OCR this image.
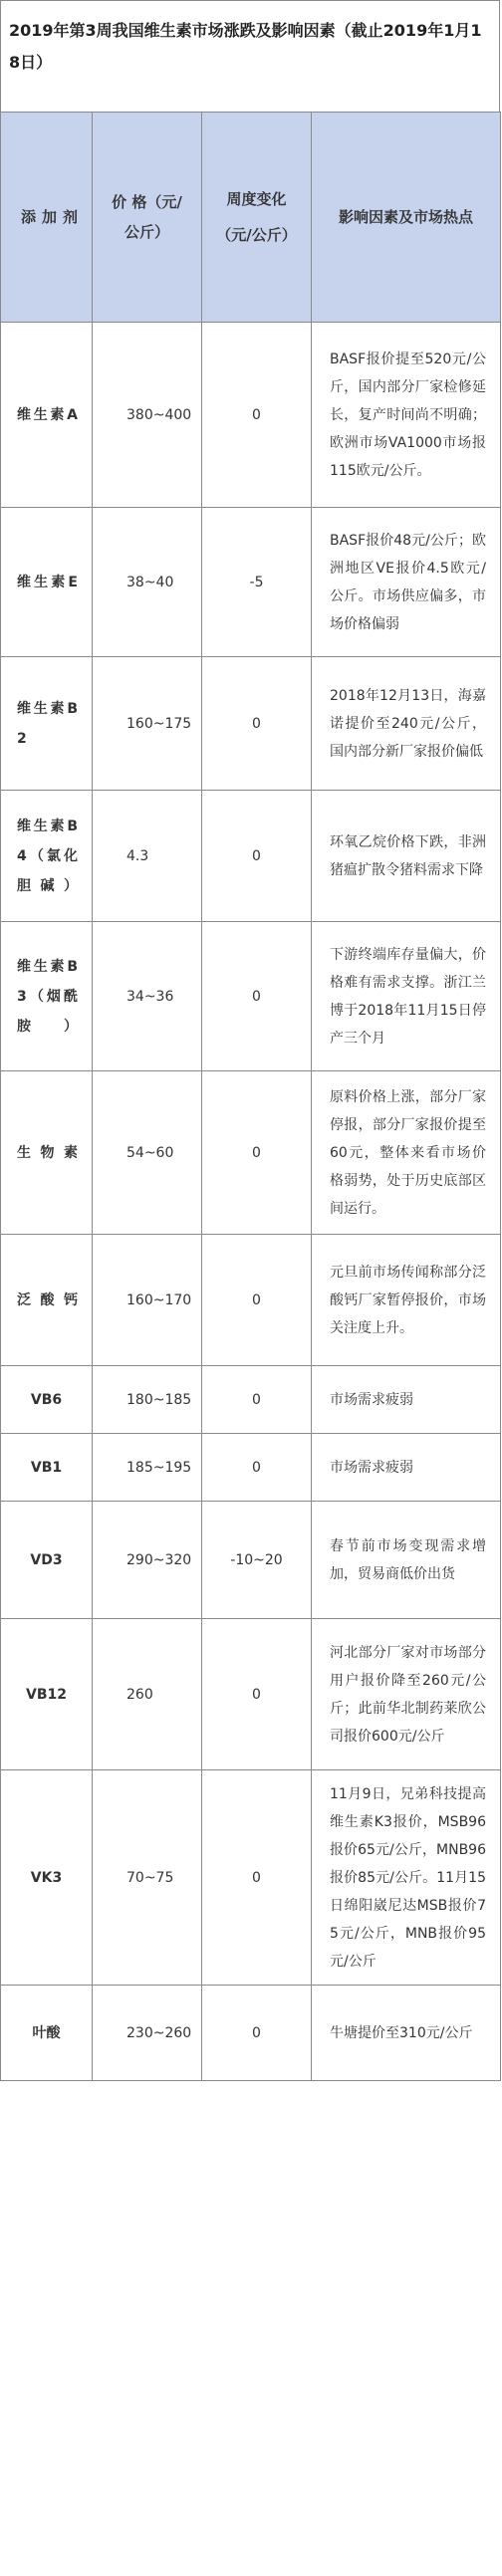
2019年第3周我国维生素市场涨跌及影响因素（截止2019年1月18日）
添加剂	价 格（元/公斤）	周度变化（元/公斤）	影响因素及市场热点
维生素A	380~400	0	BASF报价提至520元/公斤，国内部分厂家检修延长，复产时间尚不明确；欧洲市场VA1000市场报115欧元/公斤。
维生素E	38~40	-5	BASF报价48元/公斤；欧洲地区VE报价4.5欧元/公斤。市场供应偏多，市场价格偏弱
维生素B2	160~175	0	2018年12月13日，海嘉诺提价至240元/公斤，国内部分新厂家报价偏低
维生素B4（氯化胆碱）	4.3	0	环氧乙烷价格下跌，非洲猪瘟扩散令猪料需求下降
维生素B3（烟酰胺）	34~36	0	下游终端库存量偏大，价格难有需求支撑。浙江兰博于2018年11月15日停产三个月
生物素	54~60	0	原料价格上涨，部分厂家停报，部分厂家报价提至60元，整体来看市场价格弱势，处于历史底部区间运行。
泛酸钙	160~170	0	元旦前市场传闻称部分泛酸钙厂家暂停报价，市场关注度上升。
VB6	180~185	0	市场需求疲弱
VB1	185~195	0	市场需求疲弱
VD3	290~320	-10~20	春节前市场变现需求增加，贸易商低价出货
VB12	260	0	河北部分厂家对市场部分用户报价降至260元/公斤；此前华北制药莱欣公司报价600元/公斤
VK3	70~75	0	11月9日，兄弟科技提高维生素K3报价，MSB96报价65元/公斤，MNB96报价85元/公斤。11月15日绵阳崴尼达MSB报价75元/公斤，MNB报价95元/公斤
叶酸	230~260	0	牛塘提价至310元/公斤
